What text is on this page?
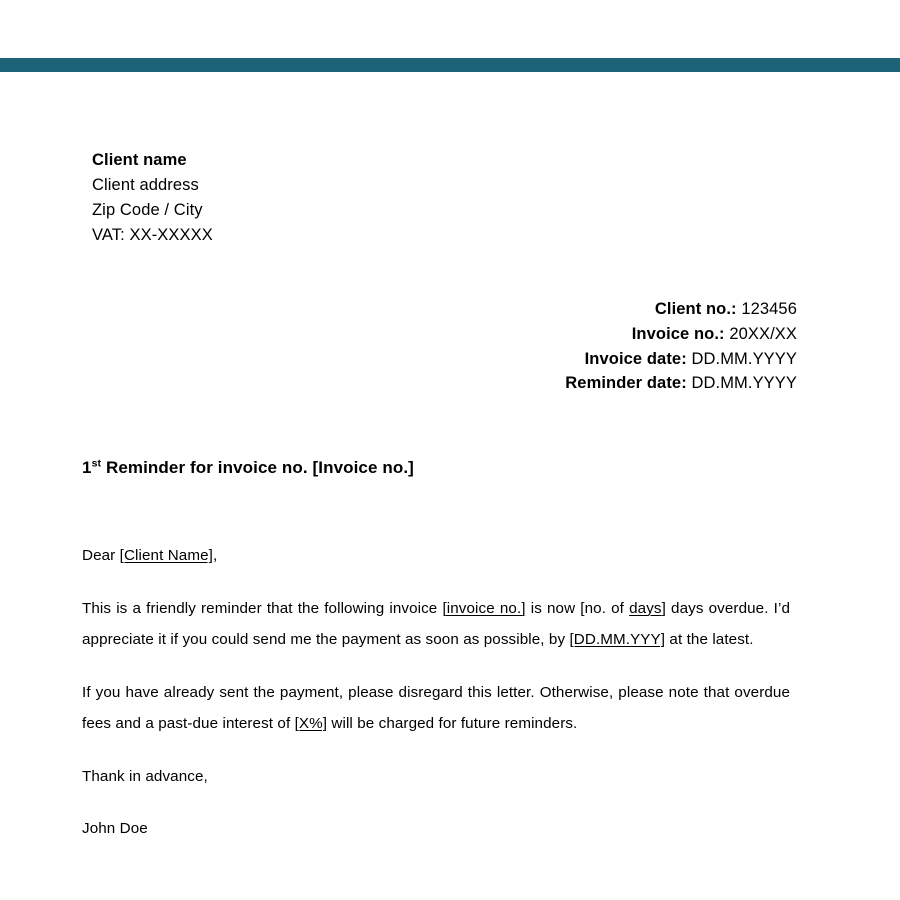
Client name
Client address
Zip Code / City
VAT: XX-XXXXX
Client no.: 123456
Invoice no.: 20XX/XX
Invoice date: DD.MM.YYYY
Reminder date: DD.MM.YYYY
1st Reminder for invoice no. [Invoice no.]

Dear [Client Name],

This is a friendly reminder that the following invoice [invoice no.] is now [no. of days] days overdue. I’d appreciate it if you could send me the payment as soon as possible, by [DD.MM.YYY] at the latest.

If you have already sent the payment, please disregard this letter. Otherwise, please note that overdue fees and a past-due interest of [X%] will be charged for future reminders.

Thank in advance,

John Doe
